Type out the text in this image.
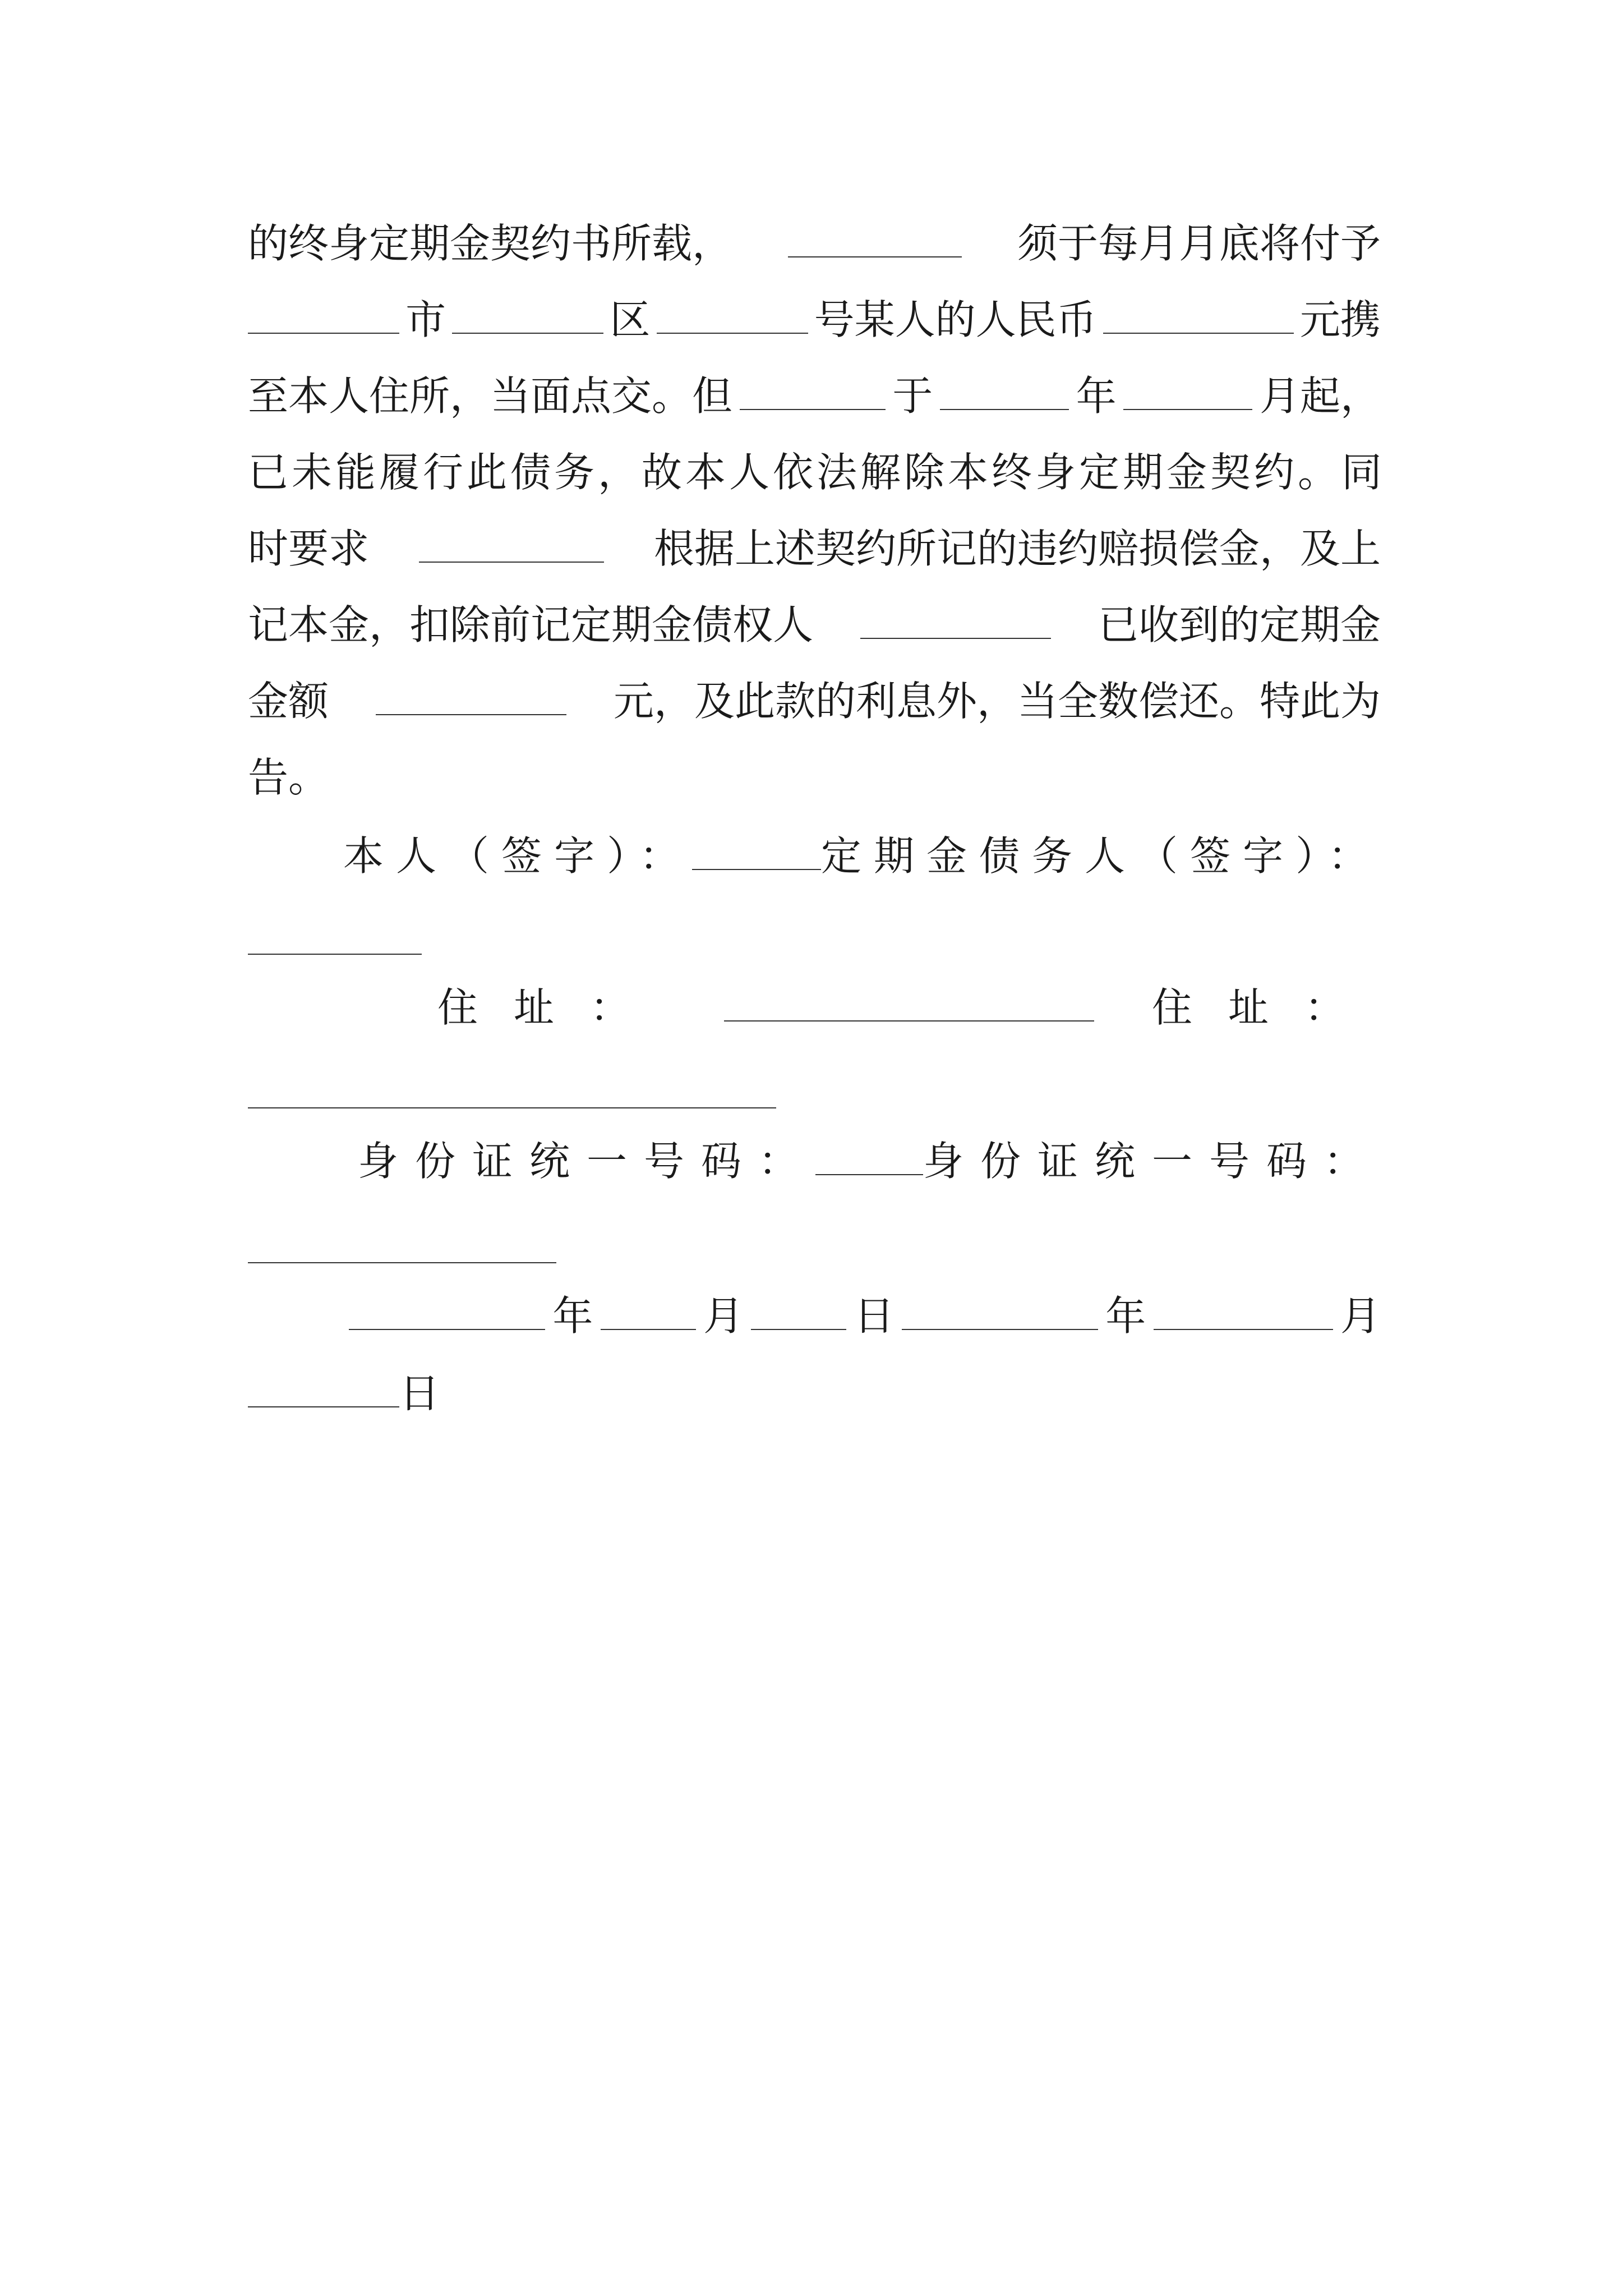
的终身定期金契约书所载，	须于每月月底将付予
市	区	号某人的人民币	元携
至本人住所，当面点交。但	于	年	月起，
已未能履行此债务，故本人依法解除本终身定期金契约。同
时要求	根据上述契约所记的违约赔损偿金，及上
记本金，扣除前记定期金债权人	已收到的定期金
金额	元，及此款的利息外，当全数偿还。特此为
告。
本人（签字）：	定期金债务人（签字）：
住址：	住址：
身份证统一号码：	身份证统一号码：
年	月	日	年	月
日
